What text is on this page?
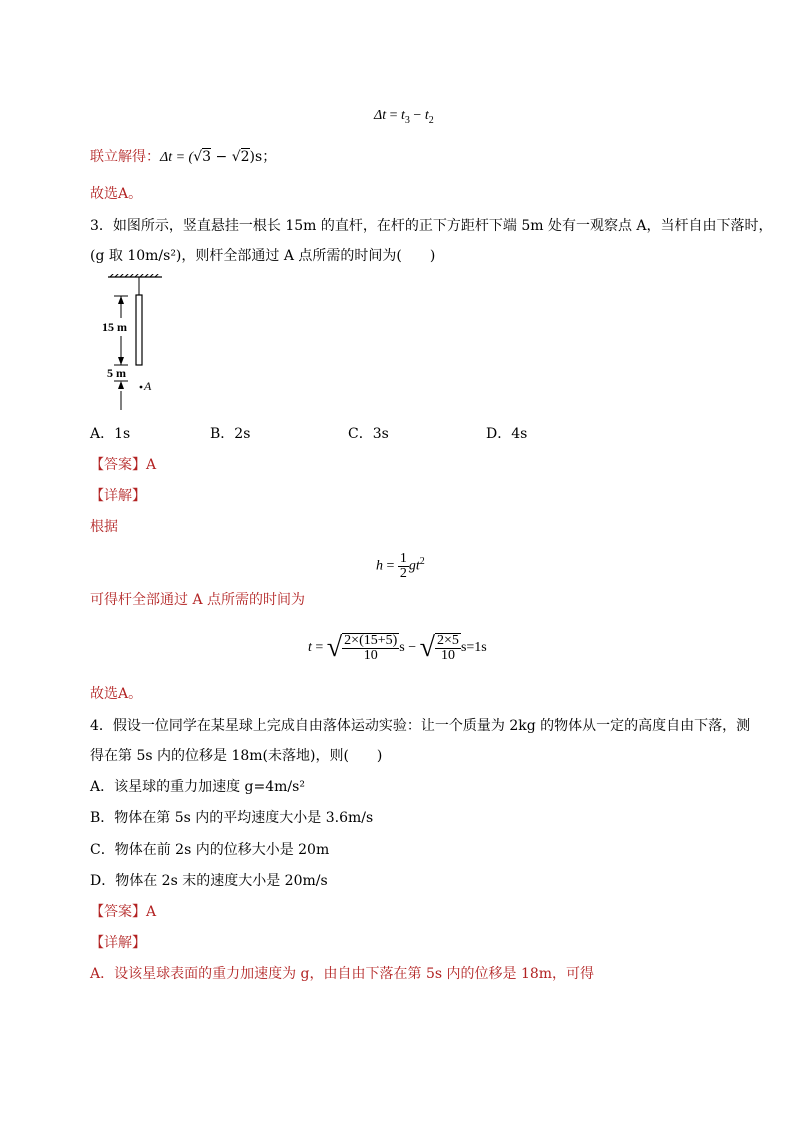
$\Delta t = t_3 - t_2$
联立解得：Δt = (√3 − √2)s；
故选A。
3．如图所示，竖直悬挂一根长 15m 的直杆，在杆的正下方距杆下端 5m 处有一观察点 A，当杆自由下落时，
(g 取 10m/s²)，则杆全部通过 A 点所需的时间为(　　)
15 m
5 m
A
A．1s	B．2s	C．3s	D．4s
【答案】A
【详解】
根据
$h = \frac{1}{2} gt^2$
可得杆全部通过 A 点所需的时间为
t = √ $\frac{2\times(15+5)}{10}$ s − √ $\frac{2\times 5}{10} s=1s$
故选A。
4．假设一位同学在某星球上完成自由落体运动实验：让一个质量为 2kg 的物体从一定的高度自由下落，测
得在第 5s 内的位移是 18m(未落地)，则(　　)
A．该星球的重力加速度 g=4m/s²
B．物体在第 5s 内的平均速度大小是 3.6m/s
C．物体在前 2s 内的位移大小是 20m
D．物体在 2s 末的速度大小是 20m/s
【答案】A
【详解】
A．设该星球表面的重力加速度为 g，由自由下落在第 5s 内的位移是 18m，可得
